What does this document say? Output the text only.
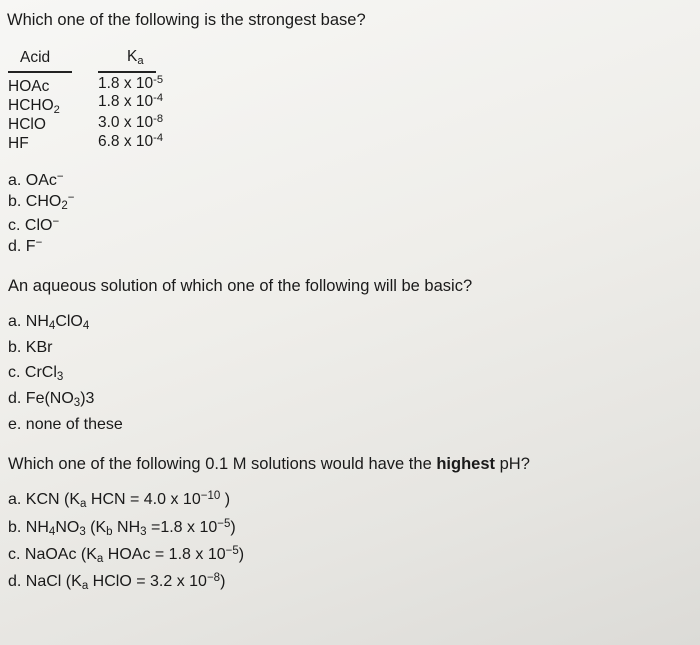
Which one of the following is the strongest base?
Acid	$K_a$
HOAc	1.8 x $10^{-5}$
$HCHO_2$ 1.8 x $10^{-4}$
HClO	3.0 x $10^{-8}$
HF	6.8 x $10^{-4}$
a. OAc−
b. $CHO_2^-$
c. ClO−
d. F−
An aqueous solution of which one of the following will be basic?
a. $NH_4ClO_4$
b. KBr
c. CrCl$_3$
d. $Fe(NO_3)3$
e. none of these
Which one of the following 0.1 M solutions would have the highest pH?
a. KCN ($K_a$ HCN = 4.0 x $10^{-10}$ )
b. $NH_4NO_3$ ($K_b$ $NH_3 =1.8$ x $10^{-5}$)
c. NaOAc ($K_a$ HOAc = 1.8 x $10^{-5}$)
d. NaCl ($K_a$ HClO = 3.2 x $10^{-8}$)
